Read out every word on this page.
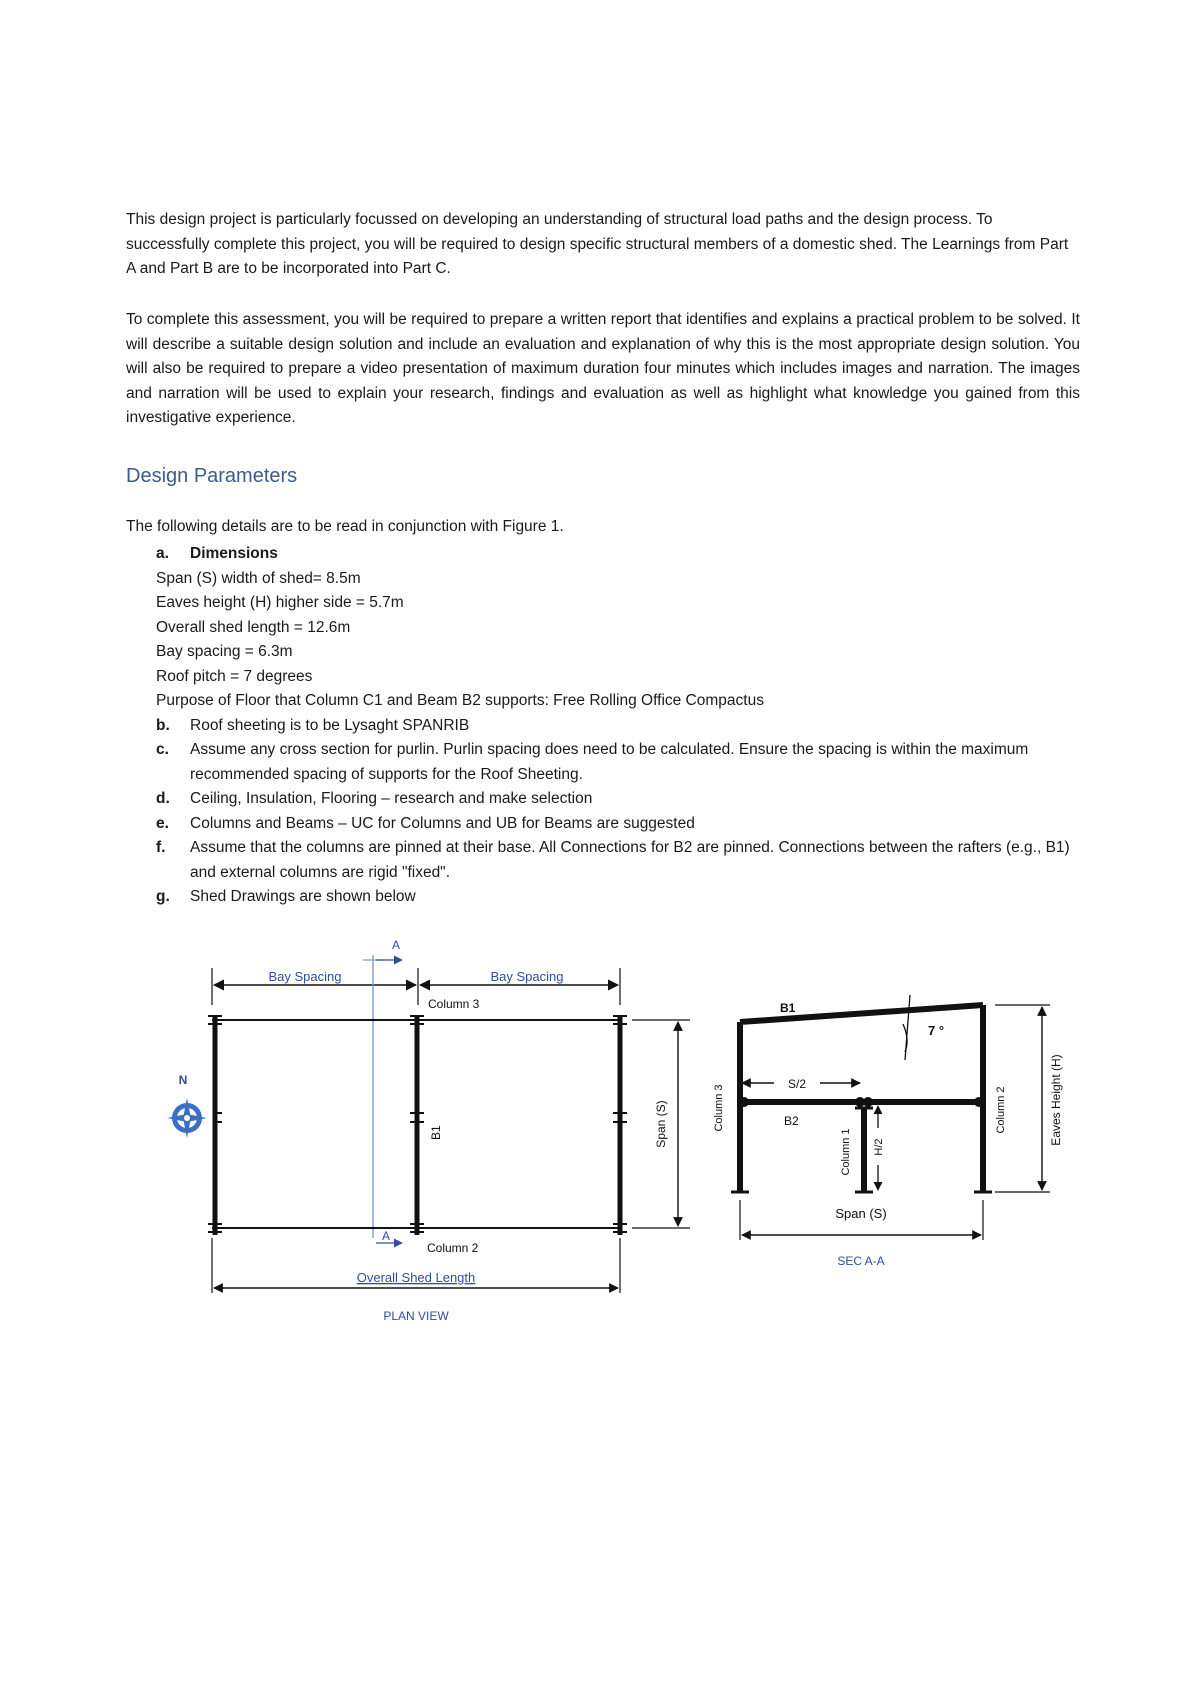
This design project is particularly focussed on developing an understanding of structural load paths and the design process. To successfully complete this project, you will be required to design specific structural members of a domestic shed. The Learnings from Part A and Part B are to be incorporated into Part C.

To complete this assessment, you will be required to prepare a written report that identifies and explains a practical problem to be solved. It will describe a suitable design solution and include an evaluation and explanation of why this is the most appropriate design solution. You will also be required to prepare a video presentation of maximum duration four minutes which includes images and narration. The images and narration will be used to explain your research, findings and evaluation as well as highlight what knowledge you gained from this investigative experience.

Design Parameters

The following details are to be read in conjunction with Figure 1.

a. Dimensions
Span (S) width of shed= 8.5m
Eaves height (H) higher side = 5.7m
Overall shed length = 12.6m
Bay spacing = 6.3m
Roof pitch = 7 degrees
Purpose of Floor that Column C1 and Beam B2 supports: Free Rolling Office Compactus
b. Roof sheeting is to be Lysaght SPANRIB
c. Assume any cross section for purlin. Purlin spacing does need to be calculated. Ensure the spacing is within the maximum recommended spacing of supports for the Roof Sheeting.
d. Ceiling, Insulation, Flooring – research and make selection
e. Columns and Beams – UC for Columns and UB for Beams are suggested
f. Assume that the columns are pinned at their base. All Connections for B2 are pinned. Connections between the rafters (e.g., B1) and external columns are rigid "fixed".
g. Shed Drawings are shown below
Bay Spacing	Bay Spacing
A
A
Column 3
Column 2
B1	Span (S)
Overall Shed Length
N
PLAN VIEW
B1
7 °
B2
S/2
H/2
Column 3
Column 1
Column 2	Eaves Height (H)
Span (S)
SEC A-A
